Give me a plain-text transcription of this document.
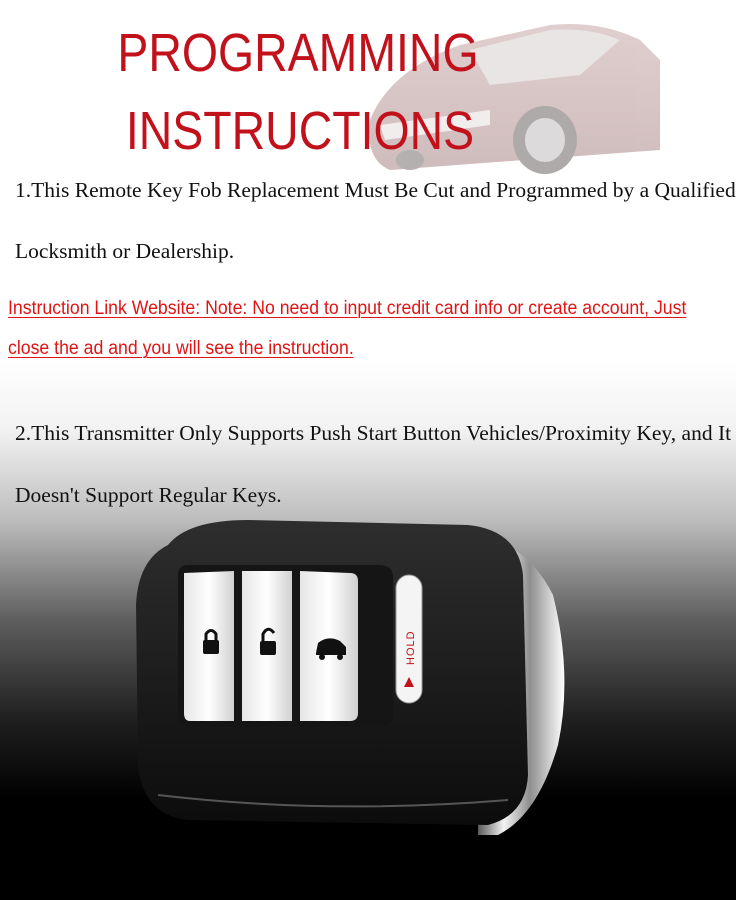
PROGRAMMING
INSTRUCTIONS

1.This Remote Key Fob Replacement Must Be Cut and Programmed by a Qualified

Locksmith or Dealership.

Instruction Link Website: Note: No need to input credit card info or create account, Just

close the ad and you will see the instruction.

2.This Transmitter Only Supports Push Start Button Vehicles/Proximity Key, and It

Doesn't Support Regular Keys.

HOLD
